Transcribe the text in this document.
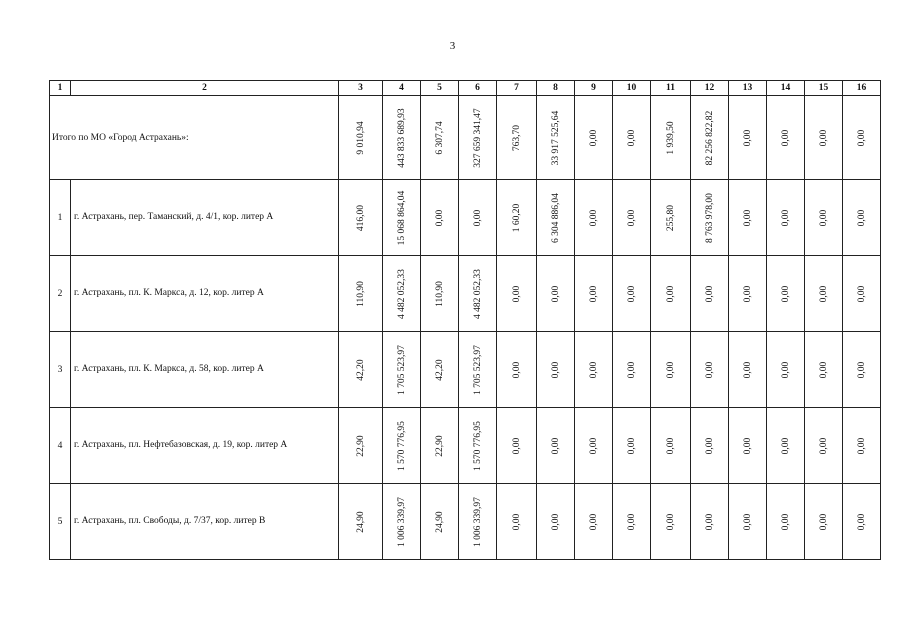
3
1	2	3	4	5	6	7	8	9	10	11	12	13	14	15	16
Итого по МО «Город Астрахань»:		9 010,94	443 833 689,93	6 307,74	327 659 341,47	763,70	33 917 525,64	0,00	0,00	1 939,50	82 256 822,82	0,00	0,00	0,00	0,00

1	г. Астрахань, пер. Таманский, д. 4/1, кор. литер А	416,00	15 068 864,04	0,00	0,00	1 60,20	6 304 886,04	0,00	0,00	255,80	8 763 978,00	0,00	0,00	0,00	0,00

2	г. Астрахань, пл. К. Маркса, д. 12, кор. литер А	110,90	4 482 052,33	110,90	4 482 052,33	0,00	0,00	0,00	0,00	0,00	0,00	0,00	0,00	0,00	0,00

3	г. Астрахань, пл. К. Маркса, д. 58, кор. литер А	42,20	1 705 523,97	42,20	1 705 523,97	0,00	0,00	0,00	0,00	0,00	0,00	0,00	0,00	0,00	0,00

4	г. Астрахань, пл. Нефтебазовская, д. 19, кор. литер А	22,90	1 570 776,95	22,90	1 570 776,95	0,00	0,00	0,00	0,00	0,00	0,00	0,00	0,00	0,00	0,00

5	г. Астрахань, пл. Свободы, д. 7/37, кор. литер В	24,90	1 006 339,97	24,90	1 006 339,97	0,00	0,00	0,00	0,00	0,00	0,00	0,00	0,00	0,00	0,00
